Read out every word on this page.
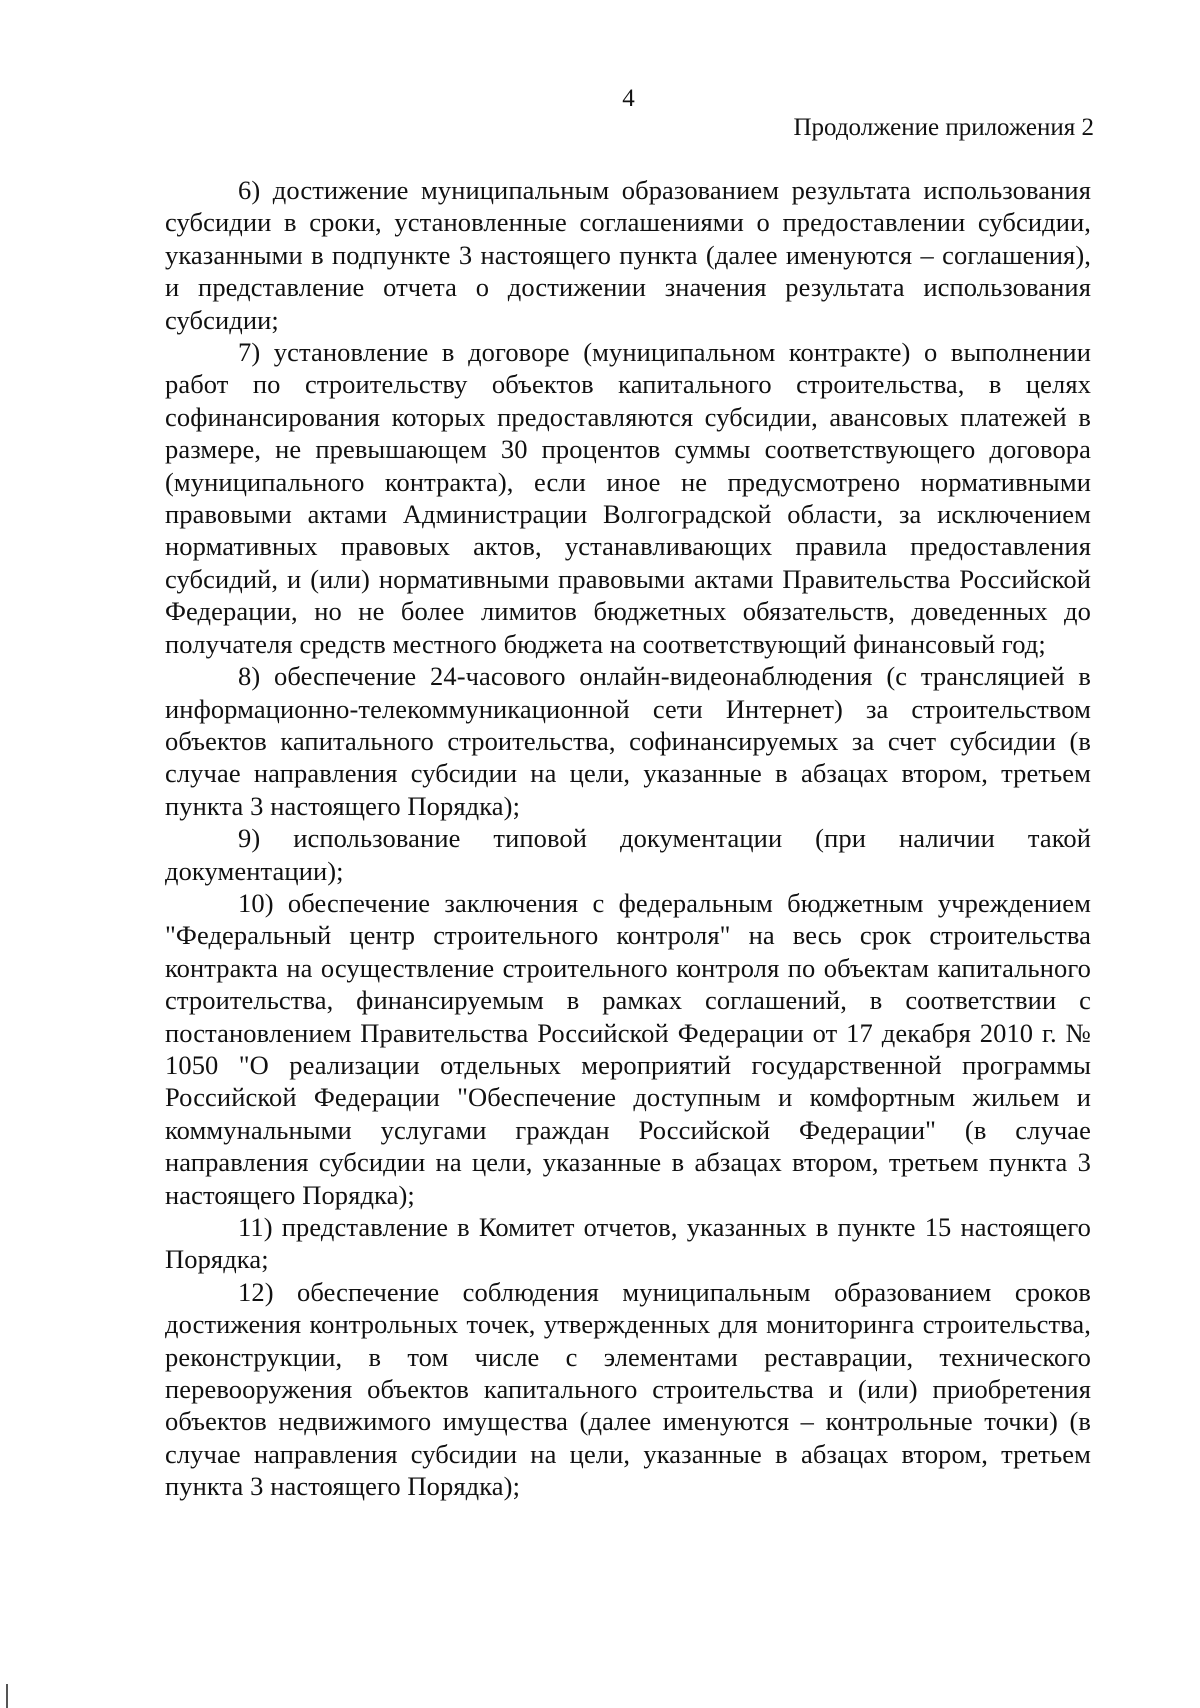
4

Продолжение приложения 2

6) достижение муниципальным образованием результата использования субсидии в сроки, установленные соглашениями о предоставлении субсидии, указанными в подпункте 3 настоящего пункта (далее именуются – соглашения), и представление отчета о достижении значения результата использования субсидии;

7) установление в договоре (муниципальном контракте) о выполнении работ по строительству объектов капитального строительства, в целях софинансирования которых предоставляются субсидии, авансовых платежей в размере, не превышающем 30 процентов суммы соответствующего договора (муниципального контракта), если иное не предусмотрено нормативными правовыми актами Администрации Волгоградской области, за исключением нормативных правовых актов, устанавливающих правила предоставления субсидий, и (или) нормативными правовыми актами Правительства Российской Федерации, но не более лимитов бюджетных обязательств, доведенных до получателя средств местного бюджета на соответствующий финансовый год;

8) обеспечение 24-часового онлайн-видеонаблюдения (с трансляцией в информационно-телекоммуникационной сети Интернет) за строительством объектов капитального строительства, софинансируемых за счет субсидии (в случае направления субсидии на цели, указанные в абзацах втором, третьем пункта 3 настоящего Порядка);

9) использование типовой документации (при наличии такой документации);

10) обеспечение заключения с федеральным бюджетным учреждением "Федеральный центр строительного контроля" на весь срок строительства контракта на осуществление строительного контроля по объектам капитального строительства, финансируемым в рамках соглашений, в соответствии с постановлением Правительства Российской Федерации от 17 декабря 2010 г. № 1050 "О реализации отдельных мероприятий государственной программы Российской Федерации "Обеспечение доступным и комфортным жильем и коммунальными услугами граждан Российской Федерации" (в случае направления субсидии на цели, указанные в абзацах втором, третьем пункта 3 настоящего Порядка);

11) представление в Комитет отчетов, указанных в пункте 15 настоящего Порядка;

12) обеспечение соблюдения муниципальным образованием сроков достижения контрольных точек, утвержденных для мониторинга строительства, реконструкции, в том числе с элементами реставрации, технического перевооружения объектов капитального строительства и (или) приобретения объектов недвижимого имущества (далее именуются – контрольные точки) (в случае направления субсидии на цели, указанные в абзацах втором, третьем пункта 3 настоящего Порядка);
